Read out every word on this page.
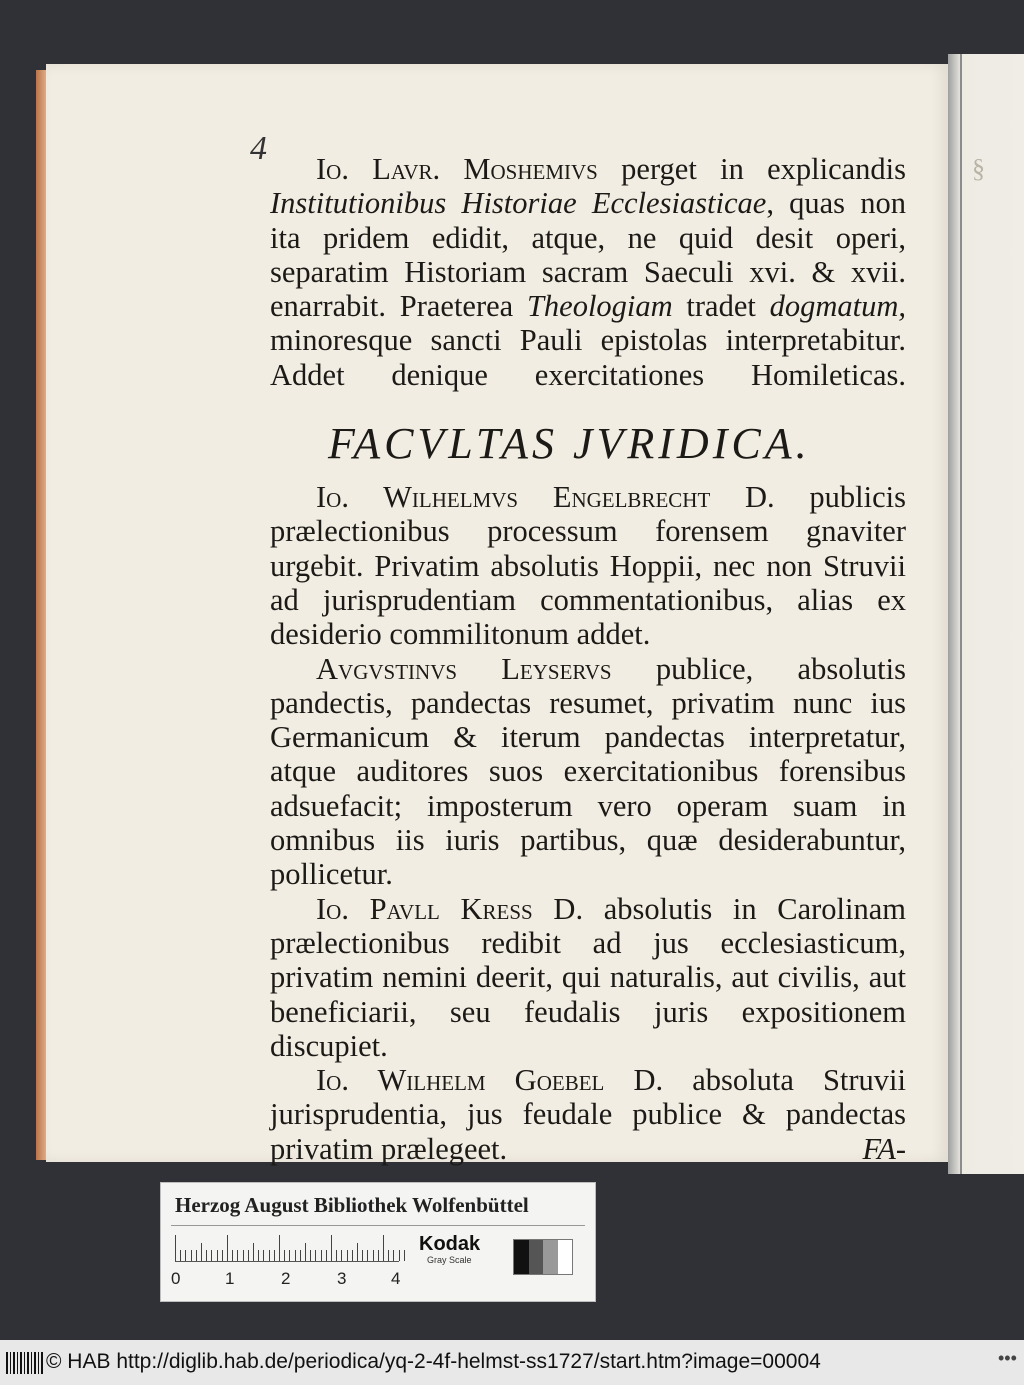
§
4

Io. Lavr. Moshemivs perget in explicandis Institutionibus Historiae Ecclesiasticae, quas non ita pridem edidit, atque, ne quid desit operi, separatim Historiam sacram Saeculi xvi. & xvii. enarrabit. Praeterea Theologiam tradet dogmatum, minoresque sancti Pauli epistolas interpretabitur. Addet denique exercitationes Homileticas.

FACVLTAS JVRIDICA.

Io. Wilhelmvs Engelbrecht D. publicis prælectionibus processum forensem gnaviter urgebit. Privatim absolutis Hoppii, nec non Struvii ad jurisprudentiam commentationibus, alias ex desiderio commilitonum addet.

Avgvstinvs Leyservs publice, absolutis pandectis, pandectas resumet, privatim nunc ius Germanicum & iterum pandectas interpretatur, atque auditores suos exercitationibus forensibus adsuefacit; imposterum vero operam suam in omnibus iis iuris partibus, quæ desiderabuntur, pollicetur.

Io. Pavll Kress D. absolutis in Carolinam prælectionibus redibit ad jus ecclesiasticum, privatim nemini deerit, qui naturalis, aut civilis, aut beneficiarii, seu feudalis juris expositionem discupiet.

Io. Wilhelm Goebel D. absoluta Struvii jurisprudentia, jus feudale publice & pandectas privatim prælegeet.	FA-

Herzog August Bibliothek Wolfenbüttel
0	1	2	3	4
Kodak
Gray Scale
© HAB http://diglib.hab.de/periodica/yq-2-4f-helmst-ss1727/start.htm?image=00004	•••
